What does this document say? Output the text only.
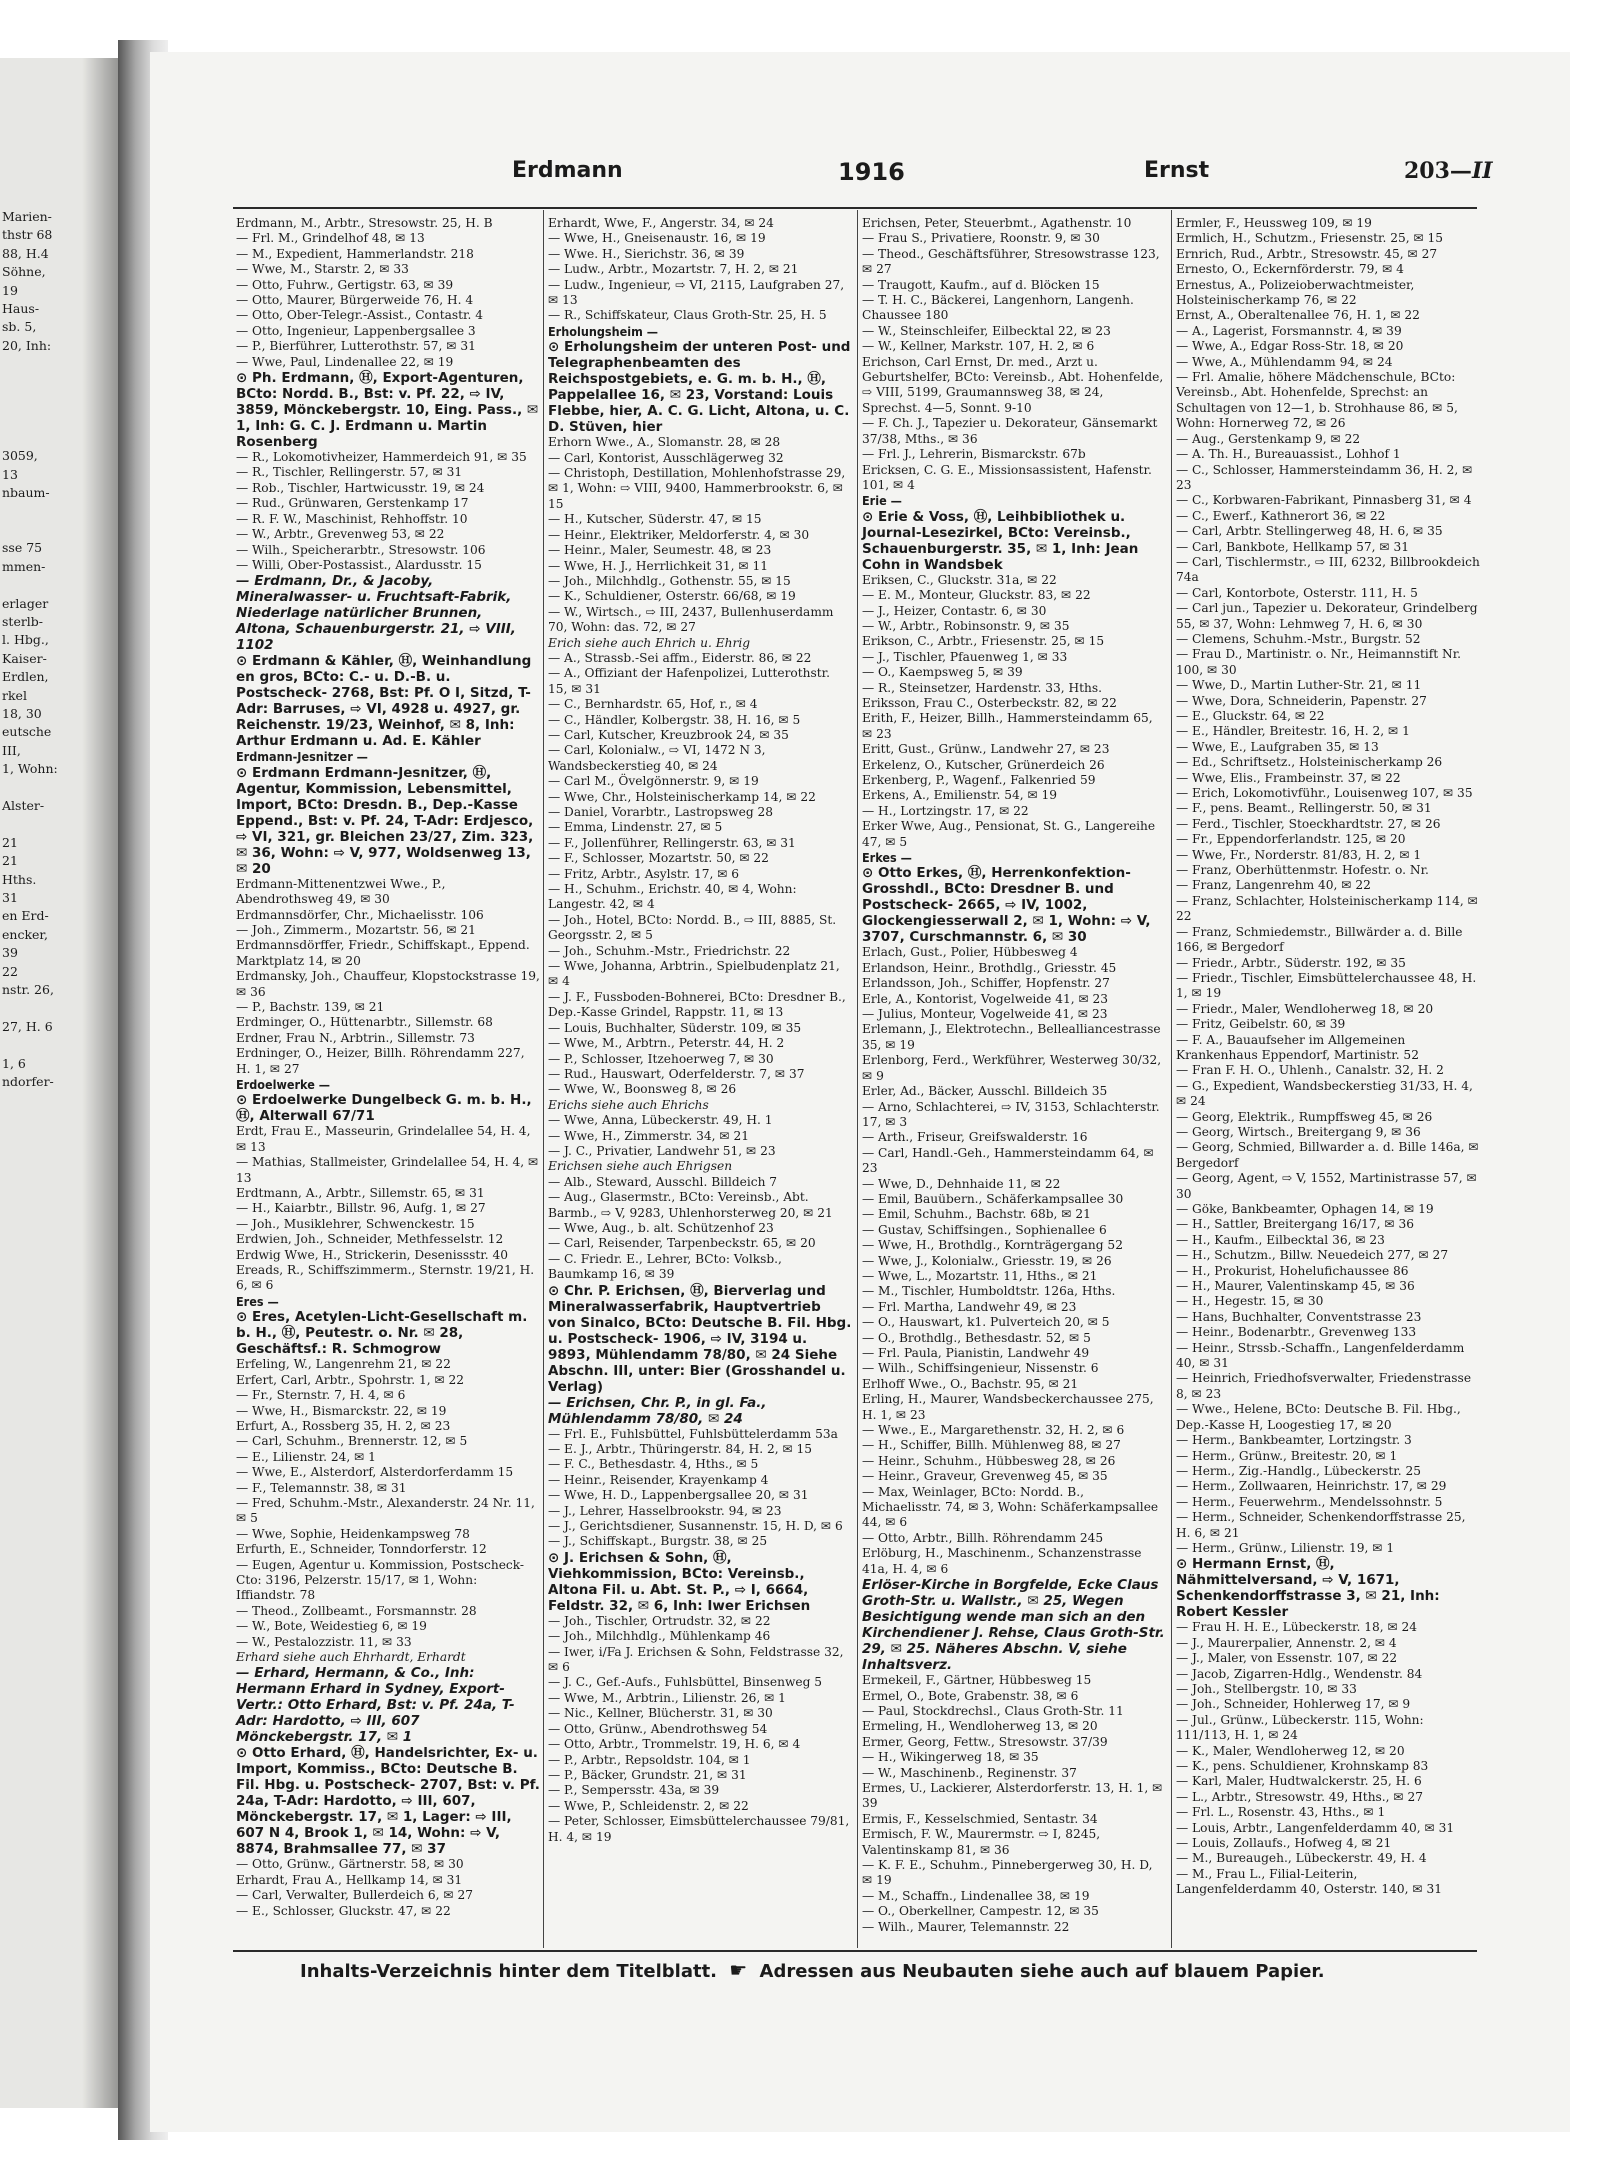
Marien-
thstr 68
88, H.4
Söhne,
19
Haus-
sb. 5,
20, Inh:

3059,
13
nbaum-

sse 75
mmen-

erlager
sterlb-
l. Hbg.,
Kaiser-
Erdlen,
rkel
18, 30
eutsche
III,
1, Wohn:

Alster-

21
21
Hths.
31
en Erd-
encker,
39
22
nstr. 26,

27, H. 6

1, 6
ndorfer-
Erdmann	1916	Ernst	203—II

Erdmann, M., Arbtr., Stresowstr. 25, H. B

— Frl. M., Grindelhof 48, ✉ 13

— M., Expedient, Hammerlandstr. 218

— Wwe, M., Starstr. 2, ✉ 33

— Otto, Fuhrw., Gertigstr. 63, ✉ 39

— Otto, Maurer, Bürgerweide 76, H. 4

— Otto, Ober-Telegr.-Assist., Contastr. 4

— Otto, Ingenieur, Lappenbergsallee 3

— P., Bierführer, Lutterothstr. 57, ✉ 31

— Wwe, Paul, Lindenallee 22, ✉ 19

⊙ Ph. Erdmann, Ⓗ, Export-Agenturen, BCto: Nordd. B., Bst: v. Pf. 22, ⇨ IV, 3859, Mönckebergstr. 10, Eing. Pass., ✉ 1, Inh: G. C. J. Erdmann u. Martin Rosenberg

— R., Lokomotivheizer, Hammerdeich 91, ✉ 35

— R., Tischler, Rellingerstr. 57, ✉ 31

— Rob., Tischler, Hartwicusstr. 19, ✉ 24

— Rud., Grünwaren, Gerstenkamp 17

— R. F. W., Maschinist, Rehhoffstr. 10

— W., Arbtr., Grevenweg 53, ✉ 22

— Wilh., Speicherarbtr., Stresowstr. 106

— Willi, Ober-Postassist., Alardusstr. 15

— Erdmann, Dr., & Jacoby, Mineralwasser- u. Fruchtsaft-Fabrik, Niederlage natürlicher Brunnen, Altona, Schauenburgerstr. 21, ⇨ VIII, 1102

⊙ Erdmann & Kähler, Ⓗ, Weinhandlung en gros, BCto: C.- u. D.-B. u. Postscheck- 2768, Bst: Pf. O I, Sitzd, T-Adr: Barruses, ⇨ VI, 4928 u. 4927, gr. Reichenstr. 19/23, Weinhof, ✉ 8, Inh: Arthur Erdmann u. Ad. E. Kähler

Erdmann-Jesnitzer —

⊙ Erdmann Erdmann-Jesnitzer, Ⓗ, Agentur, Kommission, Lebensmittel, Import, BCto: Dresdn. B., Dep.-Kasse Eppend., Bst: v. Pf. 24, T-Adr: Erdjesco, ⇨ VI, 321, gr. Bleichen 23/27, Zim. 323, ✉ 36, Wohn: ⇨ V, 977, Woldsenweg 13, ✉ 20

Erdmann-Mittenentzwei Wwe., P., Abendrothsweg 49, ✉ 30

Erdmannsdörfer, Chr., Michaelisstr. 106

— Joh., Zimmerm., Mozartstr. 56, ✉ 21

Erdmannsdörffer, Friedr., Schiffskapt., Eppend. Marktplatz 14, ✉ 20

Erdmansky, Joh., Chauffeur, Klopstockstrasse 19, ✉ 36

— P., Bachstr. 139, ✉ 21

Erdminger, O., Hüttenarbtr., Sillemstr. 68

Erdner, Frau N., Arbtrin., Sillemstr. 73

Erdninger, O., Heizer, Billh. Röhrendamm 227, H. 1, ✉ 27

Erdoelwerke —

⊙ Erdoelwerke Dungelbeck G. m. b. H., Ⓗ, Alterwall 67/71

Erdt, Frau E., Masseurin, Grindelallee 54, H. 4, ✉ 13

— Mathias, Stallmeister, Grindelallee 54, H. 4, ✉ 13

Erdtmann, A., Arbtr., Sillemstr. 65, ✉ 31

— H., Kaiarbtr., Billstr. 96, Aufg. 1, ✉ 27

— Joh., Musiklehrer, Schwenckestr. 15

Erdwien, Joh., Schneider, Methfesselstr. 12

Erdwig Wwe, H., Strickerin, Desenissstr. 40

Ereads, R., Schiffszimmerm., Sternstr. 19/21, H. 6, ✉ 6

Eres —

⊙ Eres, Acetylen-Licht-Gesellschaft m. b. H., Ⓗ, Peutestr. o. Nr. ✉ 28, Geschäftsf.: R. Schmogrow

Erfeling, W., Langenrehm 21, ✉ 22

Erfert, Carl, Arbtr., Spohrstr. 1, ✉ 22

— Fr., Sternstr. 7, H. 4, ✉ 6

— Wwe, H., Bismarckstr. 22, ✉ 19

Erfurt, A., Rossberg 35, H. 2, ✉ 23

— Carl, Schuhm., Brennerstr. 12, ✉ 5

— E., Lilienstr. 24, ✉ 1

— Wwe, E., Alsterdorf, Alsterdorferdamm 15

— F., Telemannstr. 38, ✉ 31

— Fred, Schuhm.-Mstr., Alexanderstr. 24 Nr. 11, ✉ 5

— Wwe, Sophie, Heidenkampsweg 78

Erfurth, E., Schneider, Tonndorferstr. 12

— Eugen, Agentur u. Kommission, Postscheck-Cto: 3196, Pelzerstr. 15/17, ✉ 1, Wohn: Iffiandstr. 78

— Theod., Zollbeamt., Forsmannstr. 28

— W., Bote, Weidestieg 6, ✉ 19

— W., Pestalozzistr. 11, ✉ 33

Erhard siehe auch Ehrhardt, Erhardt

— Erhard, Hermann, & Co., Inh: Hermann Erhard in Sydney, Export-Vertr.: Otto Erhard, Bst: v. Pf. 24a, T-Adr: Hardotto, ⇨ III, 607 Mönckebergstr. 17, ✉ 1

⊙ Otto Erhard, Ⓗ, Handelsrichter, Ex- u. Import, Kommiss., BCto: Deutsche B. Fil. Hbg. u. Postscheck- 2707, Bst: v. Pf. 24a, T-Adr: Hardotto, ⇨ III, 607, Mönckebergstr. 17, ✉ 1, Lager: ⇨ III, 607 N 4, Brook 1, ✉ 14, Wohn: ⇨ V, 8874, Brahmsallee 77, ✉ 37

— Otto, Grünw., Gärtnerstr. 58, ✉ 30

Erhardt, Frau A., Hellkamp 14, ✉ 31

— Carl, Verwalter, Bullerdeich 6, ✉ 27

— E., Schlosser, Gluckstr. 47, ✉ 22

Erhardt, Wwe, F., Angerstr. 34, ✉ 24

— Wwe, H., Gneisenaustr. 16, ✉ 19

— Wwe. H., Sierichstr. 36, ✉ 39

— Ludw., Arbtr., Mozartstr. 7, H. 2, ✉ 21

— Ludw., Ingenieur, ⇨ VI, 2115, Laufgraben 27, ✉ 13

— R., Schiffskateur, Claus Groth-Str. 25, H. 5

Erholungsheim —

⊙ Erholungsheim der unteren Post- und Telegraphenbeamten des Reichspostgebiets, e. G. m. b. H., Ⓗ, Pappelallee 16, ✉ 23, Vorstand: Louis Flebbe, hier, A. C. G. Licht, Altona, u. C. D. Stüven, hier

Erhorn Wwe., A., Slomanstr. 28, ✉ 28

— Carl, Kontorist, Ausschlägerweg 32

— Christoph, Destillation, Mohlenhofstrasse 29, ✉ 1, Wohn: ⇨ VIII, 9400, Hammerbrookstr. 6, ✉ 15

— H., Kutscher, Süderstr. 47, ✉ 15

— Heinr., Elektriker, Meldorferstr. 4, ✉ 30

— Heinr., Maler, Seumestr. 48, ✉ 23

— Wwe, H. J., Herrlichkeit 31, ✉ 11

— Joh., Milchhdlg., Gothenstr. 55, ✉ 15

— K., Schuldiener, Osterstr. 66/68, ✉ 19

— W., Wirtsch., ⇨ III, 2437, Bullenhuserdamm 70, Wohn: das. 72, ✉ 27

Erich siehe auch Ehrich u. Ehrig

— A., Strassb.-Sei affm., Eiderstr. 86, ✉ 22

— A., Offiziant der Hafenpolizei, Lutterothstr. 15, ✉ 31

— C., Bernhardstr. 65, Hof, r., ✉ 4

— C., Händler, Kolbergstr. 38, H. 16, ✉ 5

— Carl, Kutscher, Kreuzbrook 24, ✉ 35

— Carl, Kolonialw., ⇨ VI, 1472 N 3, Wandsbeckerstieg 40, ✉ 24

— Carl M., Övelgönnerstr. 9, ✉ 19

— Wwe, Chr., Holsteinischerkamp 14, ✉ 22

— Daniel, Vorarbtr., Lastropsweg 28

— Emma, Lindenstr. 27, ✉ 5

— F., Jollenführer, Rellingerstr. 63, ✉ 31

— F., Schlosser, Mozartstr. 50, ✉ 22

— Fritz, Arbtr., Asylstr. 17, ✉ 6

— H., Schuhm., Erichstr. 40, ✉ 4, Wohn: Langestr. 42, ✉ 4

— Joh., Hotel, BCto: Nordd. B., ⇨ III, 8885, St. Georgsstr. 2, ✉ 5

— Joh., Schuhm.-Mstr., Friedrichstr. 22

— Wwe, Johanna, Arbtrin., Spielbudenplatz 21, ✉ 4

— J. F., Fussboden-Bohnerei, BCto: Dresdner B., Dep.-Kasse Grindel, Rappstr. 11, ✉ 13

— Louis, Buchhalter, Süderstr. 109, ✉ 35

— Wwe, M., Arbtrn., Peterstr. 44, H. 2

— P., Schlosser, Itzehoerweg 7, ✉ 30

— Rud., Hauswart, Oderfelderstr. 7, ✉ 37

— Wwe, W., Boonsweg 8, ✉ 26

Erichs siehe auch Ehrichs

— Wwe, Anna, Lübeckerstr. 49, H. 1

— Wwe, H., Zimmerstr. 34, ✉ 21

— J. C., Privatier, Landwehr 51, ✉ 23

Erichsen siehe auch Ehrigsen

— Alb., Steward, Ausschl. Billdeich 7

— Aug., Glasermstr., BCto: Vereinsb., Abt. Barmb., ⇨ V, 9283, Uhlenhorsterweg 20, ✉ 21

— Wwe, Aug., b. alt. Schützenhof 23

— Carl, Reisender, Tarpenbeckstr. 65, ✉ 20

— C. Friedr. E., Lehrer, BCto: Volksb., Baumkamp 16, ✉ 39

⊙ Chr. P. Erichsen, Ⓗ, Bierverlag und Mineralwasserfabrik, Hauptvertrieb von Sinalco, BCto: Deutsche B. Fil. Hbg. u. Postscheck- 1906, ⇨ IV, 3194 u. 9893, Mühlendamm 78/80, ✉ 24 Siehe Abschn. III, unter: Bier (Grosshandel u. Verlag)

— Erichsen, Chr. P., in gl. Fa., Mühlendamm 78/80, ✉ 24

— Frl. E., Fuhlsbüttel, Fuhlsbüttelerdamm 53a

— E. J., Arbtr., Thüringerstr. 84, H. 2, ✉ 15

— F. C., Bethesdastr. 4, Hths., ✉ 5

— Heinr., Reisender, Krayenkamp 4

— Wwe, H. D., Lappenbergsallee 20, ✉ 31

— J., Lehrer, Hasselbrookstr. 94, ✉ 23

— J., Gerichtsdiener, Susannenstr. 15, H. D, ✉ 6

— J., Schiffskapt., Burgstr. 38, ✉ 25

⊙ J. Erichsen & Sohn, Ⓗ, Viehkommission, BCto: Vereinsb., Altona Fil. u. Abt. St. P., ⇨ I, 6664, Feldstr. 32, ✉ 6, Inh: Iwer Erichsen

— Joh., Tischler, Ortrudstr. 32, ✉ 22

— Joh., Milchhdlg., Mühlenkamp 46

— Iwer, i/Fa J. Erichsen & Sohn, Feldstrasse 32, ✉ 6

— J. C., Gef.-Aufs., Fuhlsbüttel, Binsenweg 5

— Wwe, M., Arbtrin., Lilienstr. 26, ✉ 1

— Nic., Kellner, Blücherstr. 31, ✉ 30

— Otto, Grünw., Abendrothsweg 54

— Otto, Arbtr., Trommelstr. 19, H. 6, ✉ 4

— P., Arbtr., Repsoldstr. 104, ✉ 1

— P., Bäcker, Grundstr. 21, ✉ 31

— P., Sempersstr. 43a, ✉ 39

— Wwe, P., Schleidenstr. 2, ✉ 22

— Peter, Schlosser, Eimsbüttelerchaussee 79/81, H. 4, ✉ 19

Erichsen, Peter, Steuerbmt., Agathenstr. 10

— Frau S., Privatiere, Roonstr. 9, ✉ 30

— Theod., Geschäftsführer, Stresowstrasse 123, ✉ 27

— Traugott, Kaufm., auf d. Blöcken 15

— T. H. C., Bäckerei, Langenhorn, Langenh. Chaussee 180

— W., Steinschleifer, Eilbecktal 22, ✉ 23

— W., Kellner, Markstr. 107, H. 2, ✉ 6

Erichson, Carl Ernst, Dr. med., Arzt u. Geburtshelfer, BCto: Vereinsb., Abt. Hohenfelde, ⇨ VIII, 5199, Graumannsweg 38, ✉ 24, Sprechst. 4—5, Sonnt. 9-10

— F. Ch. J., Tapezier u. Dekorateur, Gänsemarkt 37/38, Mths., ✉ 36

— Frl. J., Lehrerin, Bismarckstr. 67b

Ericksen, C. G. E., Missionsassistent, Hafenstr. 101, ✉ 4

Erie —

⊙ Erie & Voss, Ⓗ, Leihbibliothek u. Journal-Lesezirkel, BCto: Vereinsb., Schauenburgerstr. 35, ✉ 1, Inh: Jean Cohn in Wandsbek

Eriksen, C., Gluckstr. 31a, ✉ 22

— E. M., Monteur, Gluckstr. 83, ✉ 22

— J., Heizer, Contastr. 6, ✉ 30

— W., Arbtr., Robinsonstr. 9, ✉ 35

Erikson, C., Arbtr., Friesenstr. 25, ✉ 15

— J., Tischler, Pfauenweg 1, ✉ 33

— O., Kaempsweg 5, ✉ 39

— R., Steinsetzer, Hardenstr. 33, Hths.

Eriksson, Frau C., Osterbeckstr. 82, ✉ 22

Erith, F., Heizer, Billh., Hammersteindamm 65, ✉ 23

Eritt, Gust., Grünw., Landwehr 27, ✉ 23

Erkelenz, O., Kutscher, Grünerdeich 26

Erkenberg, P., Wagenf., Falkenried 59

Erkens, A., Emilienstr. 54, ✉ 19

— H., Lortzingstr. 17, ✉ 22

Erker Wwe, Aug., Pensionat, St. G., Langereihe 47, ✉ 5

Erkes —

⊙ Otto Erkes, Ⓗ, Herrenkonfektion-Grosshdl., BCto: Dresdner B. und Postscheck- 2665, ⇨ IV, 1002, Glockengiesserwall 2, ✉ 1, Wohn: ⇨ V, 3707, Curschmannstr. 6, ✉ 30

Erlach, Gust., Polier, Hübbesweg 4

Erlandson, Heinr., Brothdlg., Griesstr. 45

Erlandsson, Joh., Schiffer, Hopfenstr. 27

Erle, A., Kontorist, Vogelweide 41, ✉ 23

— Julius, Monteur, Vogelweide 41, ✉ 23

Erlemann, J., Elektrotechn., Bellealliancestrasse 35, ✉ 19

Erlenborg, Ferd., Werkführer, Westerweg 30/32, ✉ 9

Erler, Ad., Bäcker, Ausschl. Billdeich 35

— Arno, Schlachterei, ⇨ IV, 3153, Schlachterstr. 17, ✉ 3

— Arth., Friseur, Greifswalderstr. 16

— Carl, Handl.-Geh., Hammersteindamm 64, ✉ 23

— Wwe, D., Dehnhaide 11, ✉ 22

— Emil, Bauübern., Schäferkampsallee 30

— Emil, Schuhm., Bachstr. 68b, ✉ 21

— Gustav, Schiffsingen., Sophienallee 6

— Wwe, H., Brothdlg., Kornträgergang 52

— Wwe, J., Kolonialw., Griesstr. 19, ✉ 26

— Wwe, L., Mozartstr. 11, Hths., ✉ 21

— M., Tischler, Humboldtstr. 126a, Hths.

— Frl. Martha, Landwehr 49, ✉ 23

— O., Hauswart, k1. Pulverteich 20, ✉ 5

— O., Brothdlg., Bethesdastr. 52, ✉ 5

— Frl. Paula, Pianistin, Landwehr 49

— Wilh., Schiffsingenieur, Nissenstr. 6

Erlhoff Wwe., O., Bachstr. 95, ✉ 21

Erling, H., Maurer, Wandsbeckerchaussee 275, H. 1, ✉ 23

— Wwe., E., Margarethenstr. 32, H. 2, ✉ 6

— H., Schiffer, Billh. Mühlenweg 88, ✉ 27

— Heinr., Schuhm., Hübbesweg 28, ✉ 26

— Heinr., Graveur, Grevenweg 45, ✉ 35

— Max, Weinlager, BCto: Nordd. B., Michaelisstr. 74, ✉ 3, Wohn: Schäferkampsallee 44, ✉ 6

— Otto, Arbtr., Billh. Röhrendamm 245

Erlöburg, H., Maschinenm., Schanzenstrasse 41a, H. 4, ✉ 6

Erlöser-Kirche in Borgfelde, Ecke Claus Groth-Str. u. Wallstr., ✉ 25, Wegen Besichtigung wende man sich an den Kirchendiener J. Rehse, Claus Groth-Str. 29, ✉ 25. Näheres Abschn. V, siehe Inhaltsverz.

Ermekeil, F., Gärtner, Hübbesweg 15

Ermel, O., Bote, Grabenstr. 38, ✉ 6

— Paul, Stockdrechsl., Claus Groth-Str. 11

Ermeling, H., Wendloherweg 13, ✉ 20

Ermer, Georg, Fettw., Stresowstr. 37/39

— H., Wikingerweg 18, ✉ 35

— W., Maschinenb., Reginenstr. 37

Ermes, U., Lackierer, Alsterdorferstr. 13, H. 1, ✉ 39

Ermis, F., Kesselschmied, Sentastr. 34

Ermisch, F. W., Maurermstr. ⇨ I, 8245, Valentinskamp 81, ✉ 36

— K. F. E., Schuhm., Pinnebergerweg 30, H. D, ✉ 19

— M., Schaffn., Lindenallee 38, ✉ 19

— O., Oberkellner, Campestr. 12, ✉ 35

— Wilh., Maurer, Telemannstr. 22

Ermler, F., Heussweg 109, ✉ 19

Ermlich, H., Schutzm., Friesenstr. 25, ✉ 15

Ernrich, Rud., Arbtr., Stresowstr. 45, ✉ 27

Ernesto, O., Eckernförderstr. 79, ✉ 4

Ernestus, A., Polizeioberwachtmeister, Holsteinischerkamp 76, ✉ 22

Ernst, A., Oberaltenallee 76, H. 1, ✉ 22

— A., Lagerist, Forsmannstr. 4, ✉ 39

— Wwe, A., Edgar Ross-Str. 18, ✉ 20

— Wwe, A., Mühlendamm 94, ✉ 24

— Frl. Amalie, höhere Mädchenschule, BCto: Vereinsb., Abt. Hohenfelde, Sprechst: an Schultagen von 12—1, b. Strohhause 86, ✉ 5, Wohn: Hornerweg 72, ✉ 26

— Aug., Gerstenkamp 9, ✉ 22

— A. Th. H., Bureauassist., Lohhof 1

— C., Schlosser, Hammersteindamm 36, H. 2, ✉ 23

— C., Korbwaren-Fabrikant, Pinnasberg 31, ✉ 4

— C., Ewerf., Kathnerort 36, ✉ 22

— Carl, Arbtr. Stellingerweg 48, H. 6, ✉ 35

— Carl, Bankbote, Hellkamp 57, ✉ 31

— Carl, Tischlermstr., ⇨ III, 6232, Billbrookdeich 74a

— Carl, Kontorbote, Osterstr. 111, H. 5

— Carl jun., Tapezier u. Dekorateur, Grindelberg 55, ✉ 37, Wohn: Lehmweg 7, H. 6, ✉ 30

— Clemens, Schuhm.-Mstr., Burgstr. 52

— Frau D., Martinistr. o. Nr., Heimannstift Nr. 100, ✉ 30

— Wwe, D., Martin Luther-Str. 21, ✉ 11

— Wwe, Dora, Schneiderin, Papenstr. 27

— E., Gluckstr. 64, ✉ 22

— E., Händler, Breitestr. 16, H. 2, ✉ 1

— Wwe, E., Laufgraben 35, ✉ 13

— Ed., Schriftsetz., Holsteinischerkamp 26

— Wwe, Elis., Frambeinstr. 37, ✉ 22

— Erich, Lokomotivführ., Louisenweg 107, ✉ 35

— F., pens. Beamt., Rellingerstr. 50, ✉ 31

— Ferd., Tischler, Stoeckhardtstr. 27, ✉ 26

— Fr., Eppendorferlandstr. 125, ✉ 20

— Wwe, Fr., Norderstr. 81/83, H. 2, ✉ 1

— Franz, Oberhüttenmstr. Hofestr. o. Nr.

— Franz, Langenrehm 40, ✉ 22

— Franz, Schlachter, Holsteinischerkamp 114, ✉ 22

— Franz, Schmiedemstr., Billwärder a. d. Bille 166, ✉ Bergedorf

— Friedr., Arbtr., Süderstr. 192, ✉ 35

— Friedr., Tischler, Eimsbüttelerchaussee 48, H. 1, ✉ 19

— Friedr., Maler, Wendloherweg 18, ✉ 20

— Fritz, Geibelstr. 60, ✉ 39

— F. A., Bauaufseher im Allgemeinen Krankenhaus Eppendorf, Martinistr. 52

— Fran F. H. O., Uhlenh., Canalstr. 32, H. 2

— G., Expedient, Wandsbeckerstieg 31/33, H. 4, ✉ 24

— Georg, Elektrik., Rumpffsweg 45, ✉ 26

— Georg, Wirtsch., Breitergang 9, ✉ 36

— Georg, Schmied, Billwarder a. d. Bille 146a, ✉ Bergedorf

— Georg, Agent, ⇨ V, 1552, Martinistrasse 57, ✉ 30

— Göke, Bankbeamter, Ophagen 14, ✉ 19

— H., Sattler, Breitergang 16/17, ✉ 36

— H., Kaufm., Eilbecktal 36, ✉ 23

— H., Schutzm., Billw. Neuedeich 277, ✉ 27

— H., Prokurist, Hohelufichaussee 86

— H., Maurer, Valentinskamp 45, ✉ 36

— H., Hegestr. 15, ✉ 30

— Hans, Buchhalter, Conventstrasse 23

— Heinr., Bodenarbtr., Grevenweg 133

— Heinr., Strssb.-Schaffn., Langenfelderdamm 40, ✉ 31

— Heinrich, Friedhofsverwalter, Friedenstrasse 8, ✉ 23

— Wwe., Helene, BCto: Deutsche B. Fil. Hbg., Dep.-Kasse H, Loogestieg 17, ✉ 20

— Herm., Bankbeamter, Lortzingstr. 3

— Herm., Grünw., Breitestr. 20, ✉ 1

— Herm., Zig.-Handlg., Lübeckerstr. 25

— Herm., Zollwaaren, Heinrichstr. 17, ✉ 29

— Herm., Feuerwehrm., Mendelssohnstr. 5

— Herm., Schneider, Schenkendorffstrasse 25, H. 6, ✉ 21

— Herm., Grünw., Lilienstr. 19, ✉ 1

⊙ Hermann Ernst, Ⓗ, Nähmittelversand, ⇨ V, 1671, Schenkendorffstrasse 3, ✉ 21, Inh: Robert Kessler

— Frau H. H. E., Lübeckerstr. 18, ✉ 24

— J., Maurerpalier, Annenstr. 2, ✉ 4

— J., Maler, von Essenstr. 107, ✉ 22

— Jacob, Zigarren-Hdlg., Wendenstr. 84

— Joh., Stellbergstr. 10, ✉ 33

— Joh., Schneider, Hohlerweg 17, ✉ 9

— Jul., Grünw., Lübeckerstr. 115, Wohn: 111/113, H. 1, ✉ 24

— K., Maler, Wendloherweg 12, ✉ 20

— K., pens. Schuldiener, Krohnskamp 83

— Karl, Maler, Hudtwalckerstr. 25, H. 6

— L., Arbtr., Stresowstr. 49, Hths., ✉ 27

— Frl. L., Rosenstr. 43, Hths., ✉ 1

— Louis, Arbtr., Langenfelderdamm 40, ✉ 31

— Louis, Zollaufs., Hofweg 4, ✉ 21

— M., Bureaugeh., Lübeckerstr. 49, H. 4

— M., Frau L., Filial-Leiterin, Langenfelderdamm 40, Osterstr. 140, ✉ 31

Inhalts-Verzeichnis hinter dem Titelblatt. ☛ Adressen aus Neubauten siehe auch auf blauem Papier.
